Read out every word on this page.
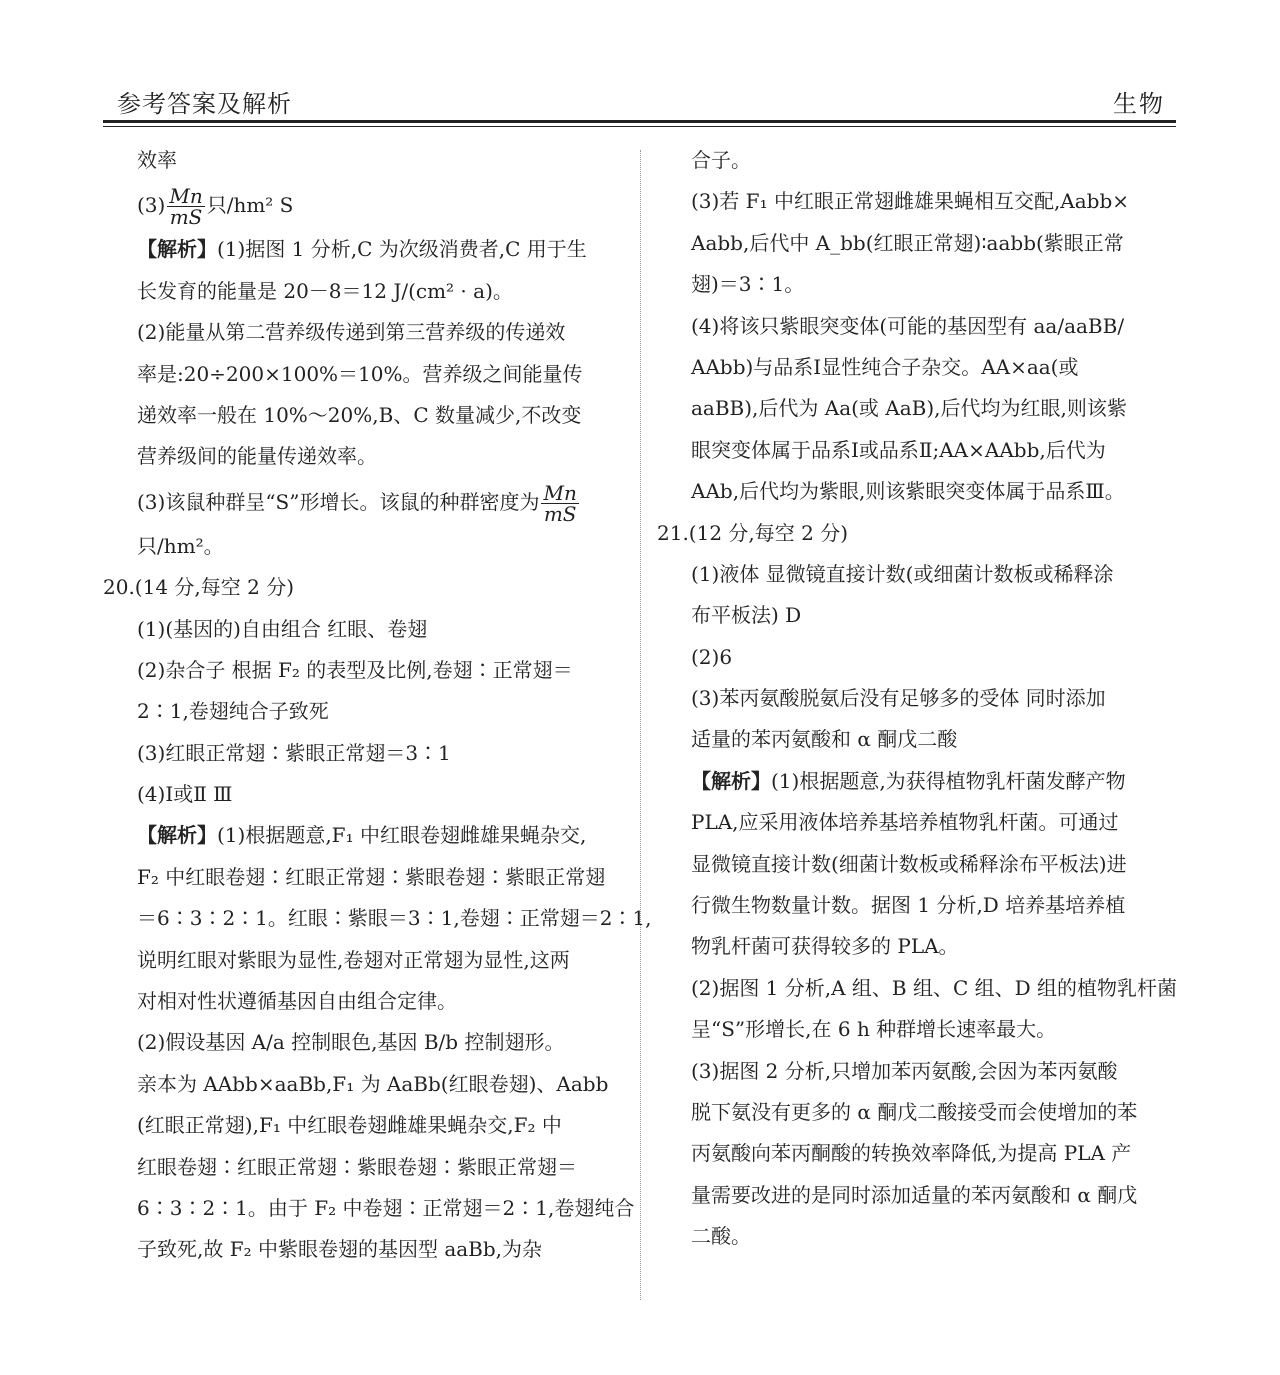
参考答案及解析	生物
效率
$(3) \frac{Mn}{mS}$ 只/hm² S
【解析】(1)据图 1 分析,C 为次级消费者,C 用于生
长发育的能量是 20－8＝12 J/(cm² · a)。
(2)能量从第二营养级传递到第三营养级的传递效
率是:20÷200×100%＝10%。营养级之间能量传
递效率一般在 10%～20%,B、C 数量减少,不改变
营养级间的能量传递效率。
(3)该鼠种群呈“S”形增长。该鼠的种群密度为 $\frac{Mn}{mS}$
只/hm²。
20.(14 分,每空 2 分)
(1)(基因的)自由组合 红眼、卷翅
(2)杂合子 根据 F₂ 的表型及比例,卷翅∶正常翅＝
2∶1,卷翅纯合子致死
(3)红眼正常翅∶紫眼正常翅＝3∶1
(4)Ⅰ或Ⅱ Ⅲ
【解析】(1)根据题意,F₁ 中红眼卷翅雌雄果蝇杂交,
F₂ 中红眼卷翅∶红眼正常翅∶紫眼卷翅∶紫眼正常翅
＝6∶3∶2∶1。红眼∶紫眼＝3∶1,卷翅∶正常翅＝2∶1,
说明红眼对紫眼为显性,卷翅对正常翅为显性,这两
对相对性状遵循基因自由组合定律。
(2)假设基因 A/a 控制眼色,基因 B/b 控制翅形。
亲本为 AAbb×aaBb,F₁ 为 AaBb(红眼卷翅)、Aabb
(红眼正常翅),F₁ 中红眼卷翅雌雄果蝇杂交,F₂ 中
红眼卷翅∶红眼正常翅∶紫眼卷翅∶紫眼正常翅＝
6∶3∶2∶1。由于 F₂ 中卷翅∶正常翅＝2∶1,卷翅纯合
子致死,故 F₂ 中紫眼卷翅的基因型 aaBb,为杂
合子。
(3)若 F₁ 中红眼正常翅雌雄果蝇相互交配,Aabb×
Aabb,后代中 A_bb(红眼正常翅)∶aabb(紫眼正常
翅)＝3∶1。
(4)将该只紫眼突变体(可能的基因型有 aa/aaBB/
AAbb)与品系Ⅰ显性纯合子杂交。AA×aa(或
aaBB),后代为 Aa(或 AaB),后代均为红眼,则该紫
眼突变体属于品系Ⅰ或品系Ⅱ;AA×AAbb,后代为
AAb,后代均为紫眼,则该紫眼突变体属于品系Ⅲ。
21.(12 分,每空 2 分)
(1)液体 显微镜直接计数(或细菌计数板或稀释涂
布平板法) D
(2)6
(3)苯丙氨酸脱氨后没有足够多的受体 同时添加
适量的苯丙氨酸和 α 酮戊二酸
【解析】(1)根据题意,为获得植物乳杆菌发酵产物
PLA,应采用液体培养基培养植物乳杆菌。可通过
显微镜直接计数(细菌计数板或稀释涂布平板法)进
行微生物数量计数。据图 1 分析,D 培养基培养植
物乳杆菌可获得较多的 PLA。
(2)据图 1 分析,A 组、B 组、C 组、D 组的植物乳杆菌
呈“S”形增长,在 6 h 种群增长速率最大。
(3)据图 2 分析,只增加苯丙氨酸,会因为苯丙氨酸
脱下氨没有更多的 α 酮戊二酸接受而会使增加的苯
丙氨酸向苯丙酮酸的转换效率降低,为提高 PLA 产
量需要改进的是同时添加适量的苯丙氨酸和 α 酮戊
二酸。
